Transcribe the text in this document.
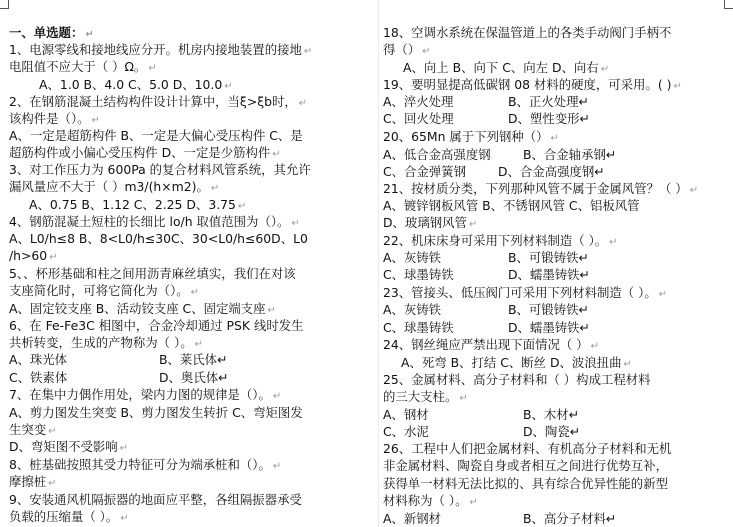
一、单选题： ↵
1、电源零线和接地线应分开。机房内接地装置的接地 ↵
电阻值不应大于（ ）Ω。 ↵
A、1.0 B、4.0 C、5.0 D、10.0 ↵
2、在钢筋混凝土结构构件设计计算中，当ξ>ξb时， ↵
该构件是（）。 ↵
A、一定是超筋构件 B、一定是大偏心受压构件 C、是
超筋构件或小偏心受压构件 D、一定是少筋构件 ↵
3、对工作压力为 600Pa 的复合材料风管系统，其允许
漏风量应不大于（ ）m3/(h×m2)。 ↵
A、0.75 B、1.12 C、2.25 D、3.75 ↵
4、钢筋混凝土短柱的长细比 lo/h 取值范围为（）。 ↵
A、L0/h≤8 B、8<L0/h≤30C、30<L0/h≤60D、L0
/h>60 ↵
5、、杯形基础和柱之间用沥青麻丝填实，我们在对该
支座简化时，可将它简化为（）。 ↵
A、固定铰支座 B、活动铰支座 C、固定端支座 ↵
6、在 Fe-Fe3C 相图中，合金冷却通过 PSK 线时发生
共析转变，生成的产物称为（ ）。 ↵
A、珠光体	B、莱氏体↵
C、铁素体	D、奥氏体↵
7、在集中力偶作用处，梁内力图的规律是（）。 ↵
A、剪力图发生突变 B、剪力图发生转折 C、弯矩图发
生突变 ↵
D、弯矩图不受影响 ↵
8、桩基础按照其受力特征可分为端承桩和（）。 ↵
摩擦桩 ↵
9、安装通风机隔振器的地面应平整，各组隔振器承受
负载的压缩量（ ）。 ↵
18、空调水系统在保温管道上的各类手动阀门手柄不
得（） ↵
A、向上 B、向下 C、向左 D、向右 ↵
19、要明显提高低碳钢 08 材料的硬度，可采用。( ) ↵
A、淬火处理	B、正火处理↵
C、回火处理	D、塑性变形↵
20、65Mn 属于下列钢种（） ↵
A、低合金高强度钢	B、合金轴承钢↵
C、合金弹簧钢	D、合金高强度钢↵
21、按材质分类，下列那种风管不属于金属风管？（ ） ↵
A、镀锌钢板风管 B、不锈钢风管 C、铝板风管
D、玻璃钢风管 ↵
22、机床床身可采用下列材料制造（ ）。 ↵
A、灰铸铁	B、可锻铸铁↵
C、球墨铸铁	D、蠕墨铸铁↵
23、管接头、低压阀门可采用下列材料制造（ ）。 ↵
A、灰铸铁	B、可锻铸铁↵
C、球墨铸铁	D、蠕墨铸铁↵
24、钢丝绳应严禁出现下面情况（ ） ↵
A、死弯 B、打结 C、断丝 D、波浪扭曲 ↵
25、金属材料、高分子材料和（ ）构成工程材料
的三大支柱。 ↵
A、钢材	B、木材↵
C、水泥	D、陶瓷↵
26、工程中人们把金属材料、有机高分子材料和无机
非金属材料、陶瓷自身或者相互之间进行优势互补，
获得单一材料无法比拟的、具有综合优异性能的新型
材料称为（ ）。 ↵
A、新钢材	B、高分子材料↵
